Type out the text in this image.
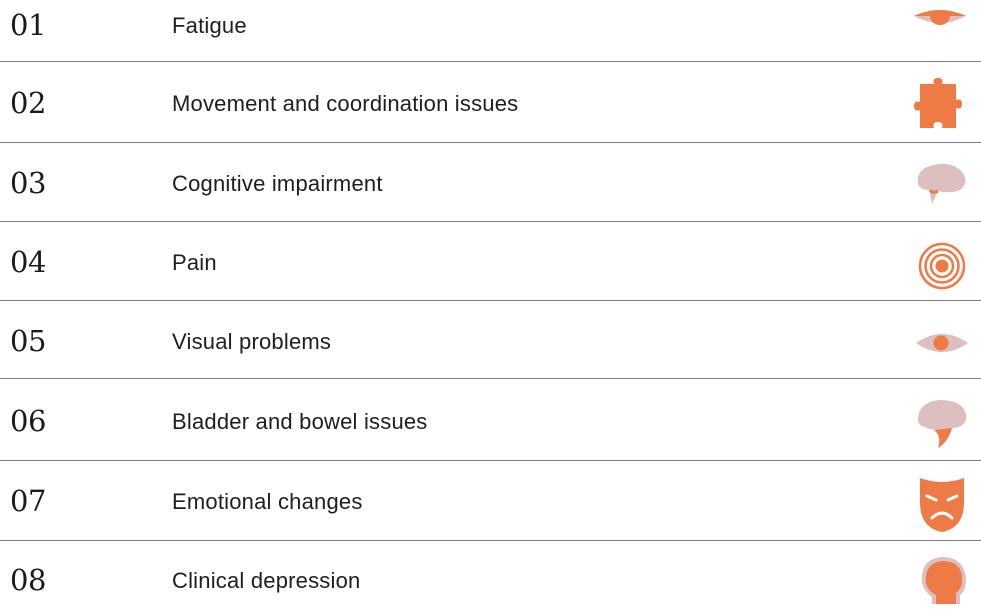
01	Fatigue
02	Movement and coordination issues
03	Cognitive impairment
04	Pain
05	Visual problems
06	Bladder and bowel issues
07	Emotional changes
08	Clinical depression
